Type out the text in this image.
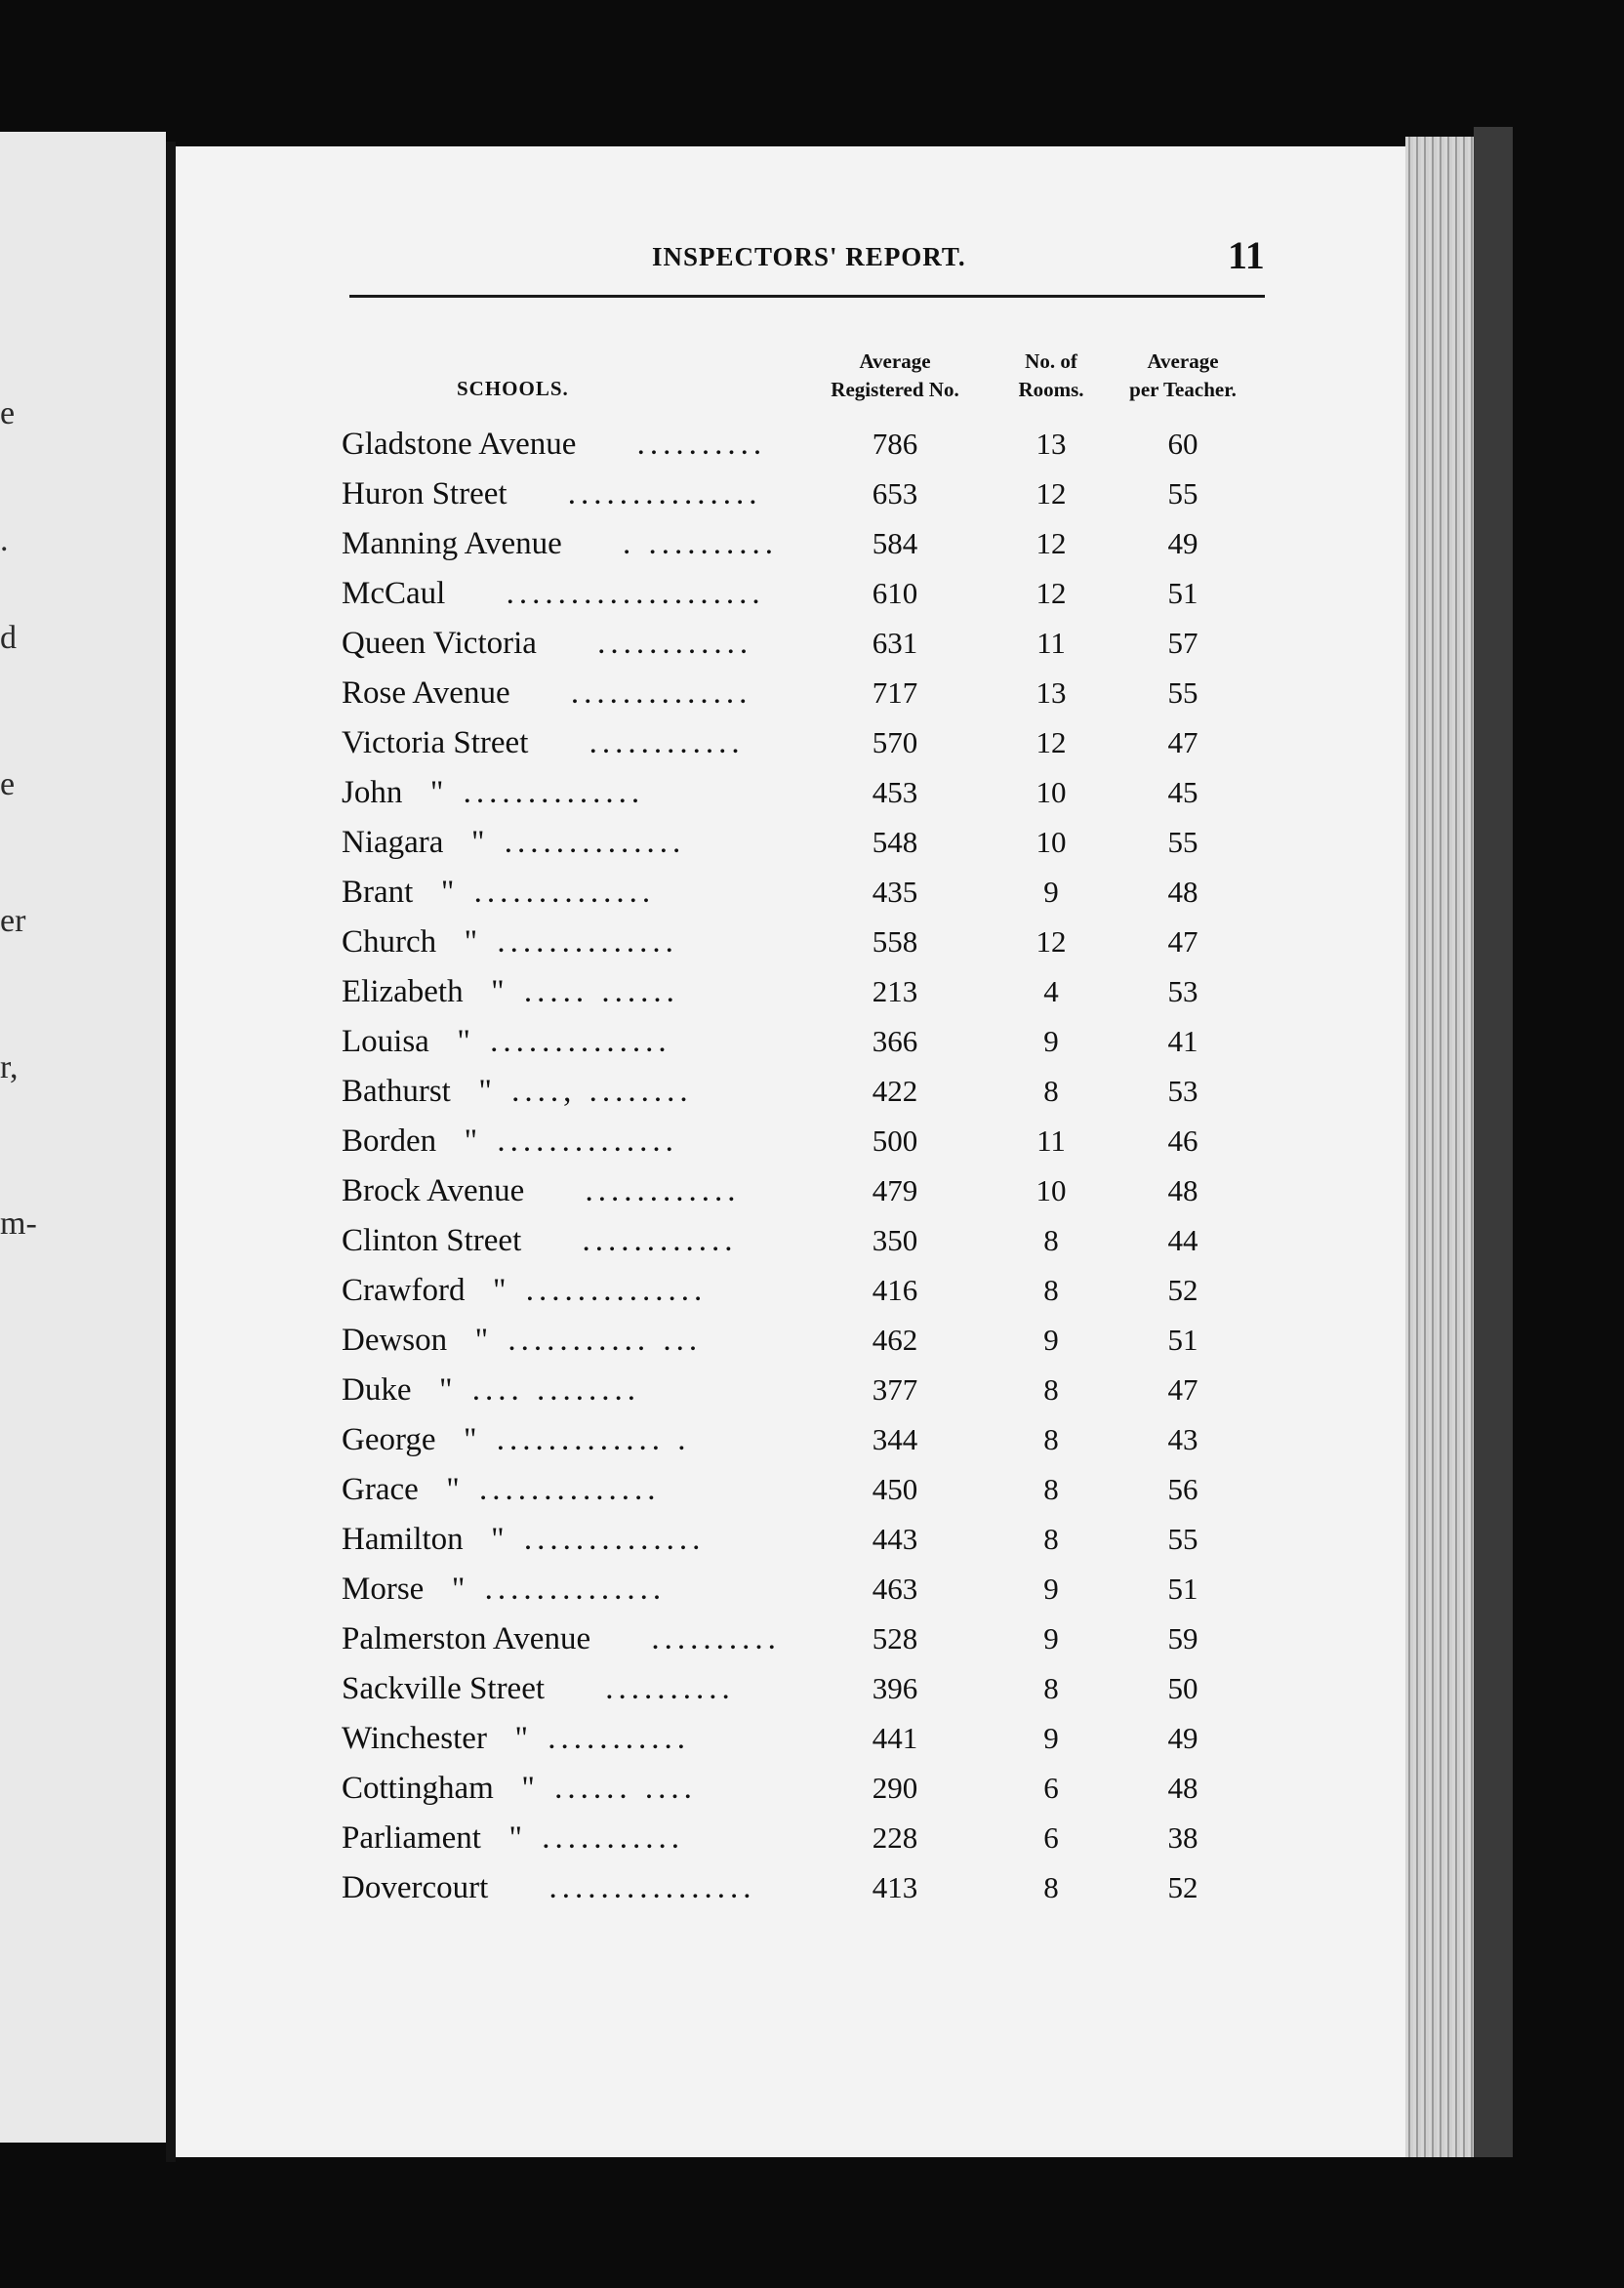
e
.
d
e
er
r,
m-
INSPECTORS' REPORT.	11
SCHOOLS.
Average
Registered No.
No. of
Rooms.
Average
per Teacher.
Gladstone Avenue ..........	786	13	60
Huron Street ...............	653	12	55
Manning Avenue . ..........	584	12	49
McCaul ....................	610	12	51
Queen Victoria ............	631	11	57
Rose Avenue ..............	717	13	55
Victoria Street ............	570	12	47
John " ..............	453	10	45
Niagara " ..............	548	10	55
Brant " ..............	435	9	48
Church " ..............	558	12	47
Elizabeth " ..... ......	213	4	53
Louisa " ..............	366	9	41
Bathurst " ...., ........	422	8	53
Borden " ..............	500	11	46
Brock Avenue ............	479	10	48
Clinton Street ............	350	8	44
Crawford " ..............	416	8	52
Dewson " ........... ...	462	9	51
Duke " .... ........	377	8	47
George " ............. .	344	8	43
Grace " ..............	450	8	56
Hamilton " ..............	443	8	55
Morse " ..............	463	9	51
Palmerston Avenue ..........	528	9	59
Sackville Street ..........	396	8	50
Winchester " ...........	441	9	49
Cottingham " ...... ....	290	6	48
Parliament " ...........	228	6	38
Dovercourt ................	413	8	52
